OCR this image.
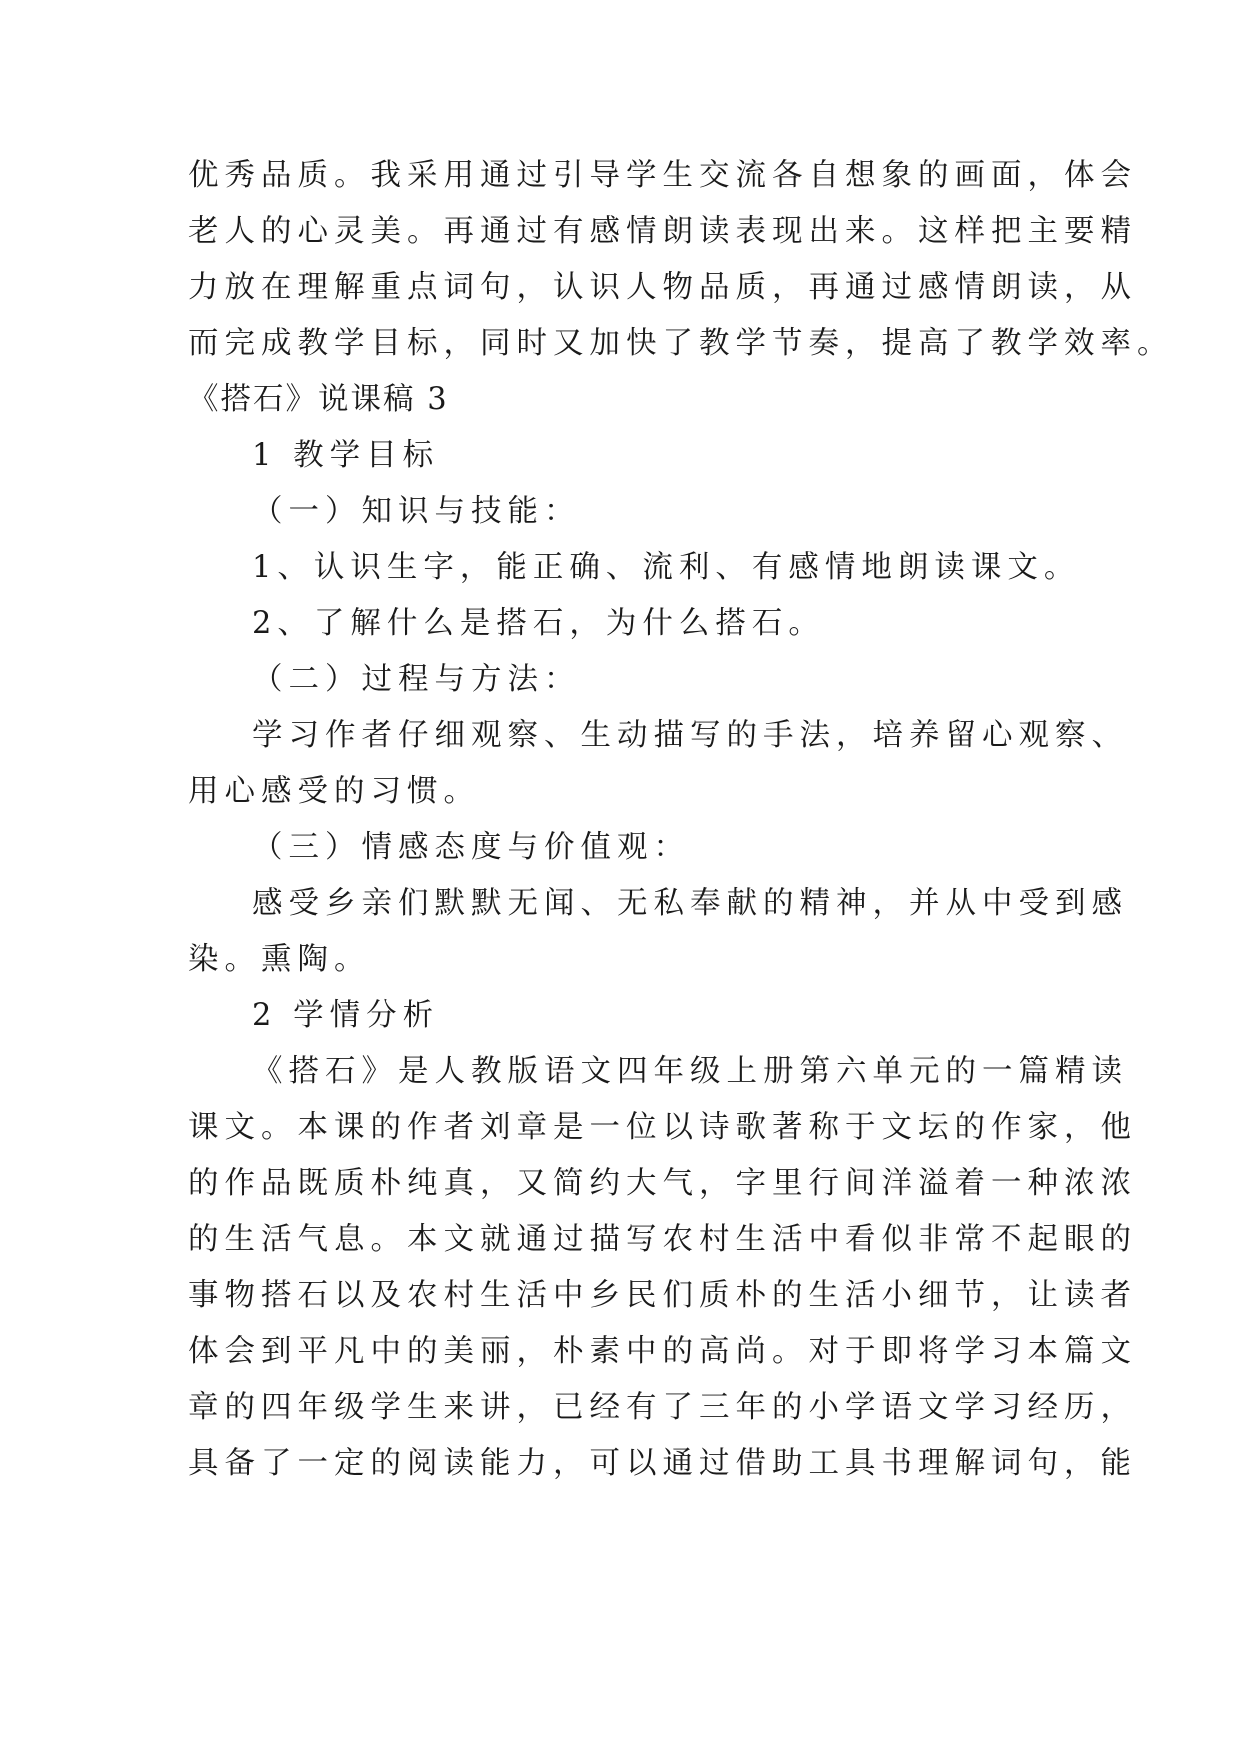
优秀品质。我采用通过引导学生交流各自想象的画面，体会
老人的心灵美。再通过有感情朗读表现出来。这样把主要精
力放在理解重点词句，认识人物品质，再通过感情朗读，从
而完成教学目标，同时又加快了教学节奏，提高了教学效率。
《搭石》说课稿 3
1 教学目标
（一）知识与技能：
1、认识生字，能正确、流利、有感情地朗读课文。
2、了解什么是搭石，为什么搭石。
（二）过程与方法：
学习作者仔细观察、生动描写的手法，培养留心观察、
用心感受的习惯。
（三）情感态度与价值观：
感受乡亲们默默无闻、无私奉献的精神，并从中受到感
染。熏陶。
2 学情分析
《搭石》是人教版语文四年级上册第六单元的一篇精读
课文。本课的作者刘章是一位以诗歌著称于文坛的作家，他
的作品既质朴纯真，又简约大气，字里行间洋溢着一种浓浓
的生活气息。本文就通过描写农村生活中看似非常不起眼的
事物搭石以及农村生活中乡民们质朴的生活小细节，让读者
体会到平凡中的美丽，朴素中的高尚。对于即将学习本篇文
章的四年级学生来讲，已经有了三年的小学语文学习经历，
具备了一定的阅读能力，可以通过借助工具书理解词句，能
